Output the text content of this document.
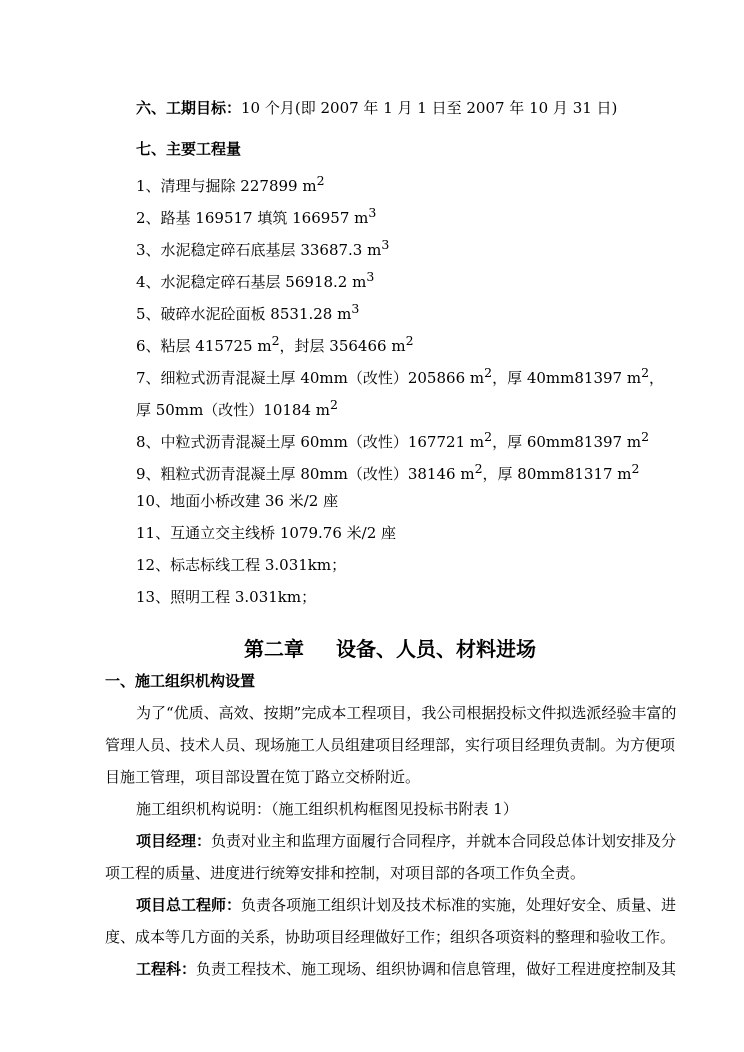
六、工期目标：10 个月(即 2007 年 1 月 1 日至 2007 年 10 月 31 日)
七、主要工程量
1、清理与掘除 227899 $m^2$
2、路基 169517 填筑 166957 $m^3$
3、水泥稳定碎石底基层 33687.3 $m^3$
4、水泥稳定碎石基层 56918.2 $m^3$
5、破碎水泥砼面板 8531.28 $m^3$
6、粘层 415725 $m^2$，封层 356466 $m^2$
7、细粒式沥青混凝土厚 40mm（改性）205866 $m^2$，厚 40mm81397 $m^2$，
厚 50mm（改性）10184 $m^2$
8、中粒式沥青混凝土厚 60mm（改性）167721 $m^2$，厚 60mm81397 $m^2$
9、粗粒式沥青混凝土厚 80mm（改性）38146 $m^2$，厚 80mm81317 $m^2$
10、地面小桥改建 36 米/2 座
11、互通立交主线桥 1079.76 米/2 座
12、标志标线工程 3.031km；
13、照明工程 3.031km；
第二章 设备、人员、材料进场
一、施工组织机构设置
为了“优质、高效、按期”完成本工程项目，我公司根据投标文件拟选派经验丰富的
管理人员、技术人员、现场施工人员组建项目经理部，实行项目经理负责制。为方便项
目施工管理，项目部设置在笕丁路立交桥附近。
施工组织机构说明：（施工组织机构框图见投标书附表 1）
项目经理：负责对业主和监理方面履行合同程序，并就本合同段总体计划安排及分
项工程的质量、进度进行统筹安排和控制，对项目部的各项工作负全责。
项目总工程师：负责各项施工组织计划及技术标准的实施，处理好安全、质量、进
度、成本等几方面的关系，协助项目经理做好工作；组织各项资料的整理和验收工作。
工程科：负责工程技术、施工现场、组织协调和信息管理，做好工程进度控制及其
